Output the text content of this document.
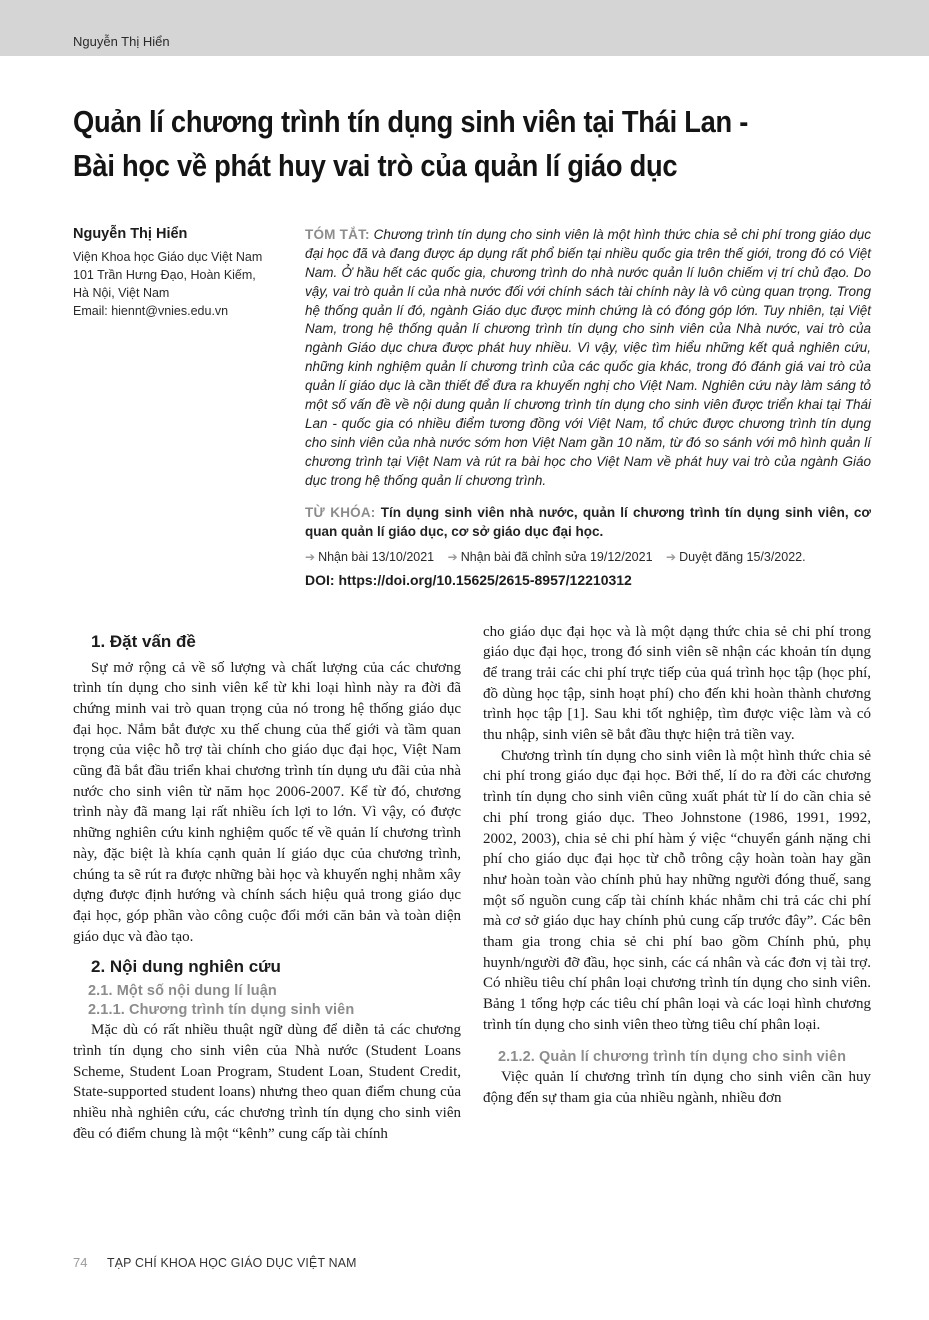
Nguyễn Thị Hiển
Quản lí chương trình tín dụng sinh viên tại Thái Lan -
Bài học về phát huy vai trò của quản lí giáo dục
Nguyễn Thị Hiển
Viện Khoa học Giáo dục Việt Nam
101 Trần Hưng Đạo, Hoàn Kiếm,
Hà Nội, Việt Nam
Email: hiennt@vnies.edu.vn

TÓM TẮT: Chương trình tín dụng cho sinh viên là một hình thức chia sẻ chi phí trong giáo dục đại học đã và đang được áp dụng rất phổ biến tại nhiều quốc gia trên thế giới, trong đó có Việt Nam. Ở hầu hết các quốc gia, chương trình do nhà nước quản lí luôn chiếm vị trí chủ đạo. Do vậy, vai trò quản lí của nhà nước đối với chính sách tài chính này là vô cùng quan trọng. Trong hệ thống quản lí đó, ngành Giáo dục được minh chứng là có đóng góp lớn. Tuy nhiên, tại Việt Nam, trong hệ thống quản lí chương trình tín dụng cho sinh viên của Nhà nước, vai trò của ngành Giáo dục chưa được phát huy nhiều. Vì vậy, việc tìm hiểu những kết quả nghiên cứu, những kinh nghiệm quản lí chương trình của các quốc gia khác, trong đó đánh giá vai trò của quản lí giáo dục là cần thiết để đưa ra khuyến nghị cho Việt Nam. Nghiên cứu này làm sáng tỏ một số vấn đề về nội dung quản lí chương trình tín dụng cho sinh viên được triển khai tại Thái Lan - quốc gia có nhiều điểm tương đồng với Việt Nam, tổ chức được chương trình tín dụng cho sinh viên của nhà nước sớm hơn Việt Nam gần 10 năm, từ đó so sánh với mô hình quản lí chương trình tại Việt Nam và rút ra bài học cho Việt Nam về phát huy vai trò của ngành Giáo dục trong hệ thống quản lí chương trình.

TỪ KHÓA: Tín dụng sinh viên nhà nước, quản lí chương trình tín dụng sinh viên, cơ quan quản lí giáo dục, cơ sở giáo dục đại học.

➔ Nhận bài 13/10/2021 ➔ Nhận bài đã chỉnh sửa 19/12/2021 ➔ Duyệt đăng 15/3/2022.
DOI: https://doi.org/10.15625/2615-8957/12210312
1. Đặt vấn đề

Sự mở rộng cả về số lượng và chất lượng của các chương trình tín dụng cho sinh viên kể từ khi loại hình này ra đời đã chứng minh vai trò quan trọng của nó trong hệ thống giáo dục đại học. Nắm bắt được xu thế chung của thế giới và tầm quan trọng của việc hỗ trợ tài chính cho giáo dục đại học, Việt Nam cũng đã bắt đầu triển khai chương trình tín dụng ưu đãi của nhà nước cho sinh viên từ năm học 2006-2007. Kể từ đó, chương trình này đã mang lại rất nhiều ích lợi to lớn. Vì vậy, có được những nghiên cứu kinh nghiệm quốc tế về quản lí chương trình này, đặc biệt là khía cạnh quản lí giáo dục của chương trình, chúng ta sẽ rút ra được những bài học và khuyến nghị nhằm xây dựng được định hướng và chính sách hiệu quả trong giáo dục đại học, góp phần vào công cuộc đổi mới căn bản và toàn diện giáo dục và đào tạo.

2. Nội dung nghiên cứu
2.1. Một số nội dung lí luận
2.1.1. Chương trình tín dụng sinh viên

Mặc dù có rất nhiều thuật ngữ dùng để diễn tả các chương trình tín dụng cho sinh viên của Nhà nước (Student Loans Scheme, Student Loan Program, Student Loan, Student Credit, State-supported student loans) nhưng theo quan điểm chung của nhiều nhà nghiên cứu, các chương trình tín dụng cho sinh viên đều có điểm chung là một “kênh” cung cấp tài chính

cho giáo dục đại học và là một dạng thức chia sẻ chi phí trong giáo dục đại học, trong đó sinh viên sẽ nhận các khoản tín dụng để trang trải các chi phí trực tiếp của quá trình học tập (học phí, đồ dùng học tập, sinh hoạt phí) cho đến khi hoàn thành chương trình học tập [1]. Sau khi tốt nghiệp, tìm được việc làm và có thu nhập, sinh viên sẽ bắt đầu thực hiện trả tiền vay.

Chương trình tín dụng cho sinh viên là một hình thức chia sẻ chi phí trong giáo dục đại học. Bởi thế, lí do ra đời các chương trình tín dụng cho sinh viên cũng xuất phát từ lí do cần chia sẻ chi phí trong giáo dục. Theo Johnstone (1986, 1991, 1992, 2002, 2003), chia sẻ chi phí hàm ý việc “chuyển gánh nặng chi phí cho giáo dục đại học từ chỗ trông cậy hoàn toàn hay gần như hoàn toàn vào chính phủ hay những người đóng thuế, sang một số nguồn cung cấp tài chính khác nhằm chi trả các chi phí mà cơ sở giáo dục hay chính phủ cung cấp trước đây”. Các bên tham gia trong chia sẻ chi phí bao gồm Chính phủ, phụ huynh/người đỡ đầu, học sinh, các cá nhân và các đơn vị tài trợ. Có nhiều tiêu chí phân loại chương trình tín dụng cho sinh viên. Bảng 1 tổng hợp các tiêu chí phân loại và các loại hình chương trình tín dụng cho sinh viên theo từng tiêu chí phân loại.

2.1.2. Quản lí chương trình tín dụng cho sinh viên

Việc quản lí chương trình tín dụng cho sinh viên cần huy động đến sự tham gia của nhiều ngành, nhiều đơn

74 TẠP CHÍ KHOA HỌC GIÁO DỤC VIỆT NAM
